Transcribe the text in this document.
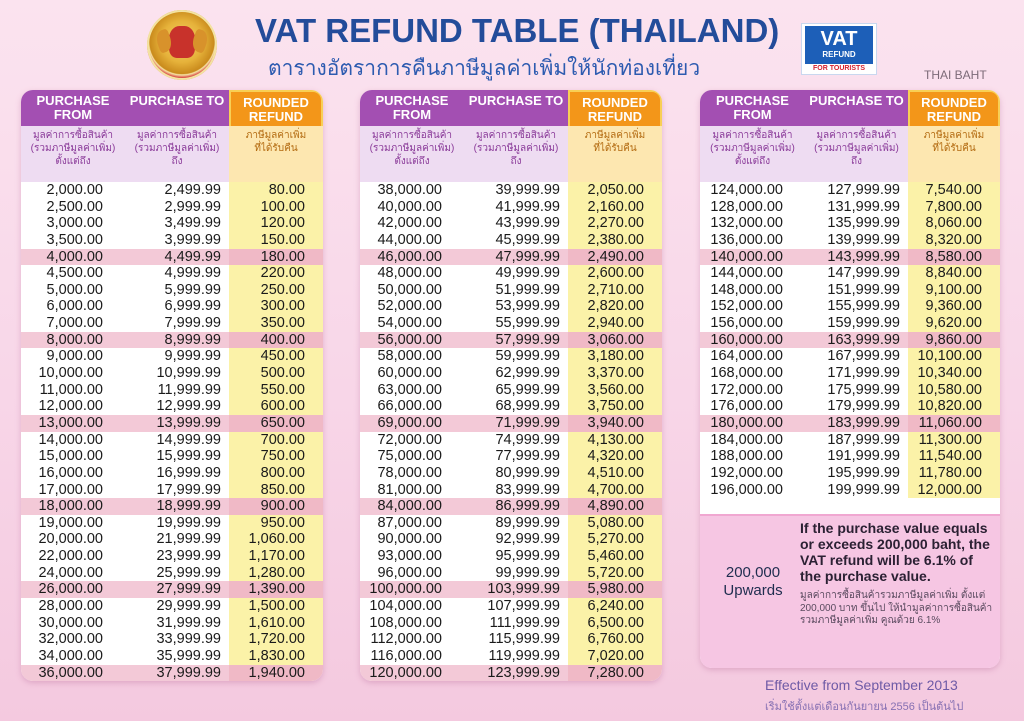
VAT REFUND TABLE (THAILAND)
ตารางอัตราการคืนภาษีมูลค่าเพิ่มให้นักท่องเที่ยว
VAT
REFUND
FOR TOURISTS	THAI BAHT
PURCHASE FROM
มูลค่าการซื้อสินค้า
(รวมภาษีมูลค่าเพิ่ม)
ตั้งแต่ถึง
PURCHASE TO
มูลค่าการซื้อสินค้า
(รวมภาษีมูลค่าเพิ่ม)
ถึง
ROUNDED REFUND
ภาษีมูลค่าเพิ่ม
ที่ได้รับคืน
2,000.00	2,499.99	80.00
2,500.00	2,999.99	100.00
3,000.00	3,499.99	120.00
3,500.00	3,999.99	150.00
4,000.00	4,499.99	180.00
4,500.00	4,999.99	220.00
5,000.00	5,999.99	250.00
6,000.00	6,999.99	300.00
7,000.00	7,999.99	350.00
8,000.00	8,999.99	400.00
9,000.00	9,999.99	450.00
10,000.00	10,999.99	500.00
11,000.00	11,999.99	550.00
12,000.00	12,999.99	600.00
13,000.00	13,999.99	650.00
14,000.00	14,999.99	700.00
15,000.00	15,999.99	750.00
16,000.00	16,999.99	800.00
17,000.00	17,999.99	850.00
18,000.00	18,999.99	900.00
19,000.00	19,999.99	950.00
20,000.00	21,999.99	1,060.00
22,000.00	23,999.99	1,170.00
24,000.00	25,999.99	1,280.00
26,000.00	27,999.99	1,390.00
28,000.00	29,999.99	1,500.00
30,000.00	31,999.99	1,610.00
32,000.00	33,999.99	1,720.00
34,000.00	35,999.99	1,830.00
36,000.00	37,999.99	1,940.00
PURCHASE FROM
มูลค่าการซื้อสินค้า
(รวมภาษีมูลค่าเพิ่ม)
ตั้งแต่ถึง
PURCHASE TO
มูลค่าการซื้อสินค้า
(รวมภาษีมูลค่าเพิ่ม)
ถึง
ROUNDED REFUND
ภาษีมูลค่าเพิ่ม
ที่ได้รับคืน
38,000.00	39,999.99	2,050.00
40,000.00	41,999.99	2,160.00
42,000.00	43,999.99	2,270.00
44,000.00	45,999.99	2,380.00
46,000.00	47,999.99	2,490.00
48,000.00	49,999.99	2,600.00
50,000.00	51,999.99	2,710.00
52,000.00	53,999.99	2,820.00
54,000.00	55,999.99	2,940.00
56,000.00	57,999.99	3,060.00
58,000.00	59,999.99	3,180.00
60,000.00	62,999.99	3,370.00
63,000.00	65,999.99	3,560.00
66,000.00	68,999.99	3,750.00
69,000.00	71,999.99	3,940.00
72,000.00	74,999.99	4,130.00
75,000.00	77,999.99	4,320.00
78,000.00	80,999.99	4,510.00
81,000.00	83,999.99	4,700.00
84,000.00	86,999.99	4,890.00
87,000.00	89,999.99	5,080.00
90,000.00	92,999.99	5,270.00
93,000.00	95,999.99	5,460.00
96,000.00	99,999.99	5,720.00
100,000.00	103,999.99	5,980.00
104,000.00	107,999.99	6,240.00
108,000.00	111,999.99	6,500.00
112,000.00	115,999.99	6,760.00
116,000.00	119,999.99	7,020.00
120,000.00	123,999.99	7,280.00
PURCHASE FROM
มูลค่าการซื้อสินค้า
(รวมภาษีมูลค่าเพิ่ม)
ตั้งแต่ถึง
PURCHASE TO
มูลค่าการซื้อสินค้า
(รวมภาษีมูลค่าเพิ่ม)
ถึง
ROUNDED REFUND
ภาษีมูลค่าเพิ่ม
ที่ได้รับคืน
124,000.00	127,999.99	7,540.00
128,000.00	131,999.99	7,800.00
132,000.00	135,999.99	8,060.00
136,000.00	139,999.99	8,320.00
140,000.00	143,999.99	8,580.00
144,000.00	147,999.99	8,840.00
148,000.00	151,999.99	9,100.00
152,000.00	155,999.99	9,360.00
156,000.00	159,999.99	9,620.00
160,000.00	163,999.99	9,860.00
164,000.00	167,999.99	10,100.00
168,000.00	171,999.99	10,340.00
172,000.00	175,999.99	10,580.00
176,000.00	179,999.99	10,820.00
180,000.00	183,999.99	11,060.00
184,000.00	187,999.99	11,300.00
188,000.00	191,999.99	11,540.00
192,000.00	195,999.99	11,780.00
196,000.00	199,999.99	12,000.00
200,000 Upwards
If the purchase value equals or exceeds 200,000 baht, the VAT refund will be 6.1% of the purchase value.
มูลค่าการซื้อสินค้ารวมภาษีมูลค่าเพิ่ม ตั้งแต่ 200,000 บาท ขึ้นไป ให้นำมูลค่าการซื้อสินค้ารวมภาษีมูลค่าเพิ่ม คูณด้วย 6.1%
Effective from September 2013
เริ่มใช้ตั้งแต่เดือนกันยายน 2556 เป็นต้นไป
